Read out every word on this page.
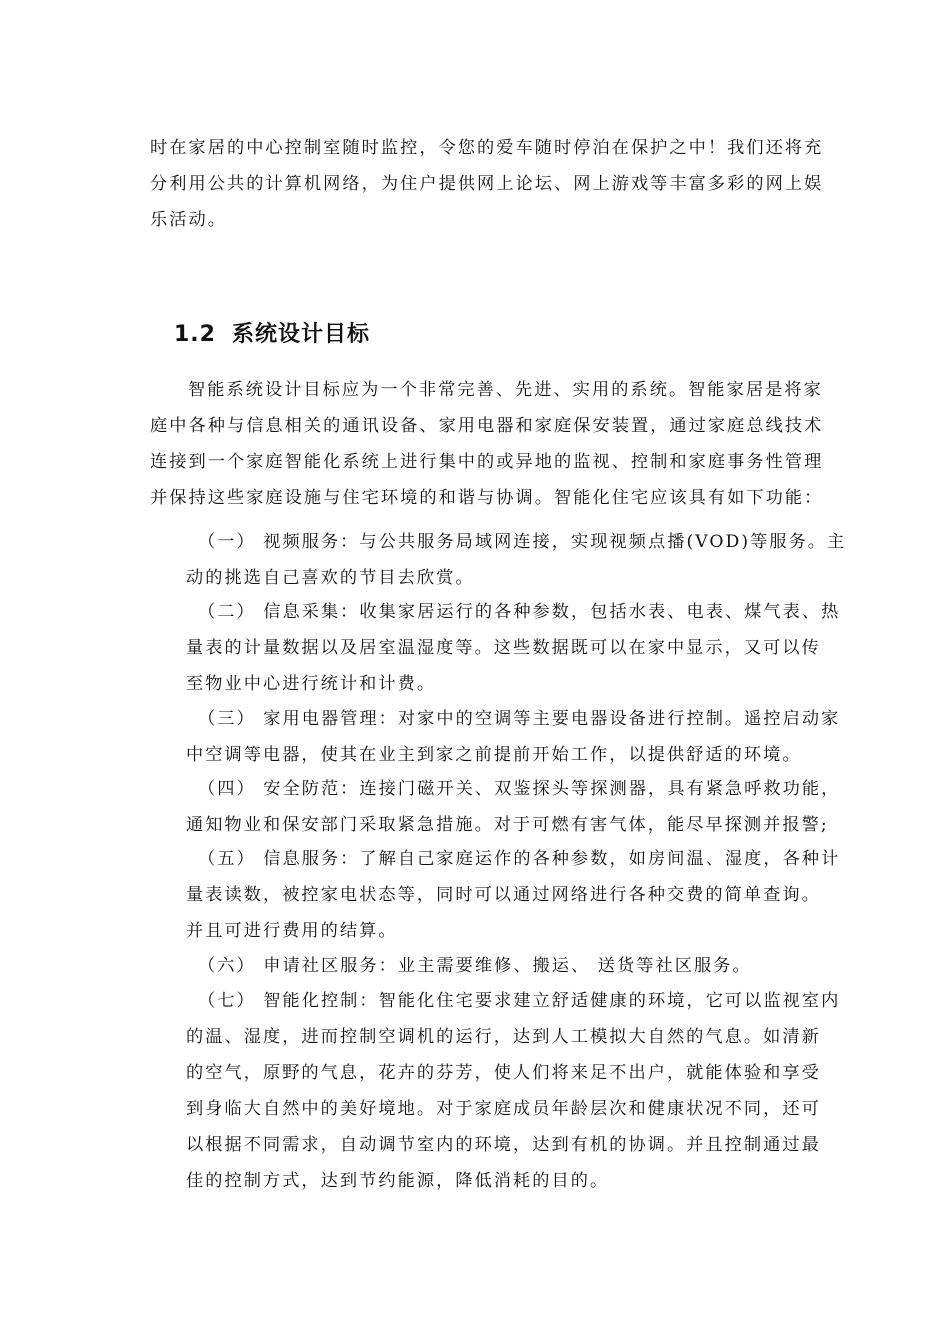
时在家居的中心控制室随时监控，令您的爱车随时停泊在保护之中！我们还将充
分利用公共的计算机网络，为住户提供网上论坛、网上游戏等丰富多彩的网上娱
乐活动。
1.2 系统设计目标
智能系统设计目标应为一个非常完善、先进、实用的系统。智能家居是将家
庭中各种与信息相关的通讯设备、家用电器和家庭保安装置，通过家庭总线技术
连接到一个家庭智能化系统上进行集中的或异地的监视、控制和家庭事务性管理
并保持这些家庭设施与住宅环境的和谐与协调。智能化住宅应该具有如下功能：
（一） 视频服务：与公共服务局域网连接，实现视频点播(VOD)等服务。主
动的挑选自己喜欢的节目去欣赏。
（二） 信息采集：收集家居运行的各种参数，包括水表、电表、煤气表、热
量表的计量数据以及居室温湿度等。这些数据既可以在家中显示，又可以传
至物业中心进行统计和计费。
（三） 家用电器管理：对家中的空调等主要电器设备进行控制。遥控启动家
中空调等电器，使其在业主到家之前提前开始工作，以提供舒适的环境。
（四） 安全防范：连接门磁开关、双鉴探头等探测器，具有紧急呼救功能，
通知物业和保安部门采取紧急措施。对于可燃有害气体，能尽早探测并报警;
（五） 信息服务：了解自己家庭运作的各种参数，如房间温、湿度，各种计
量表读数，被控家电状态等，同时可以通过网络进行各种交费的简单查询。
并且可进行费用的结算。
（六） 申请社区服务：业主需要维修、搬运、 送货等社区服务。
（七） 智能化控制：智能化住宅要求建立舒适健康的环境，它可以监视室内
的温、湿度，进而控制空调机的运行，达到人工模拟大自然的气息。如清新
的空气，原野的气息，花卉的芬芳，使人们将来足不出户，就能体验和享受
到身临大自然中的美好境地。对于家庭成员年龄层次和健康状况不同，还可
以根据不同需求，自动调节室内的环境，达到有机的协调。并且控制通过最
佳的控制方式，达到节约能源，降低消耗的目的。
